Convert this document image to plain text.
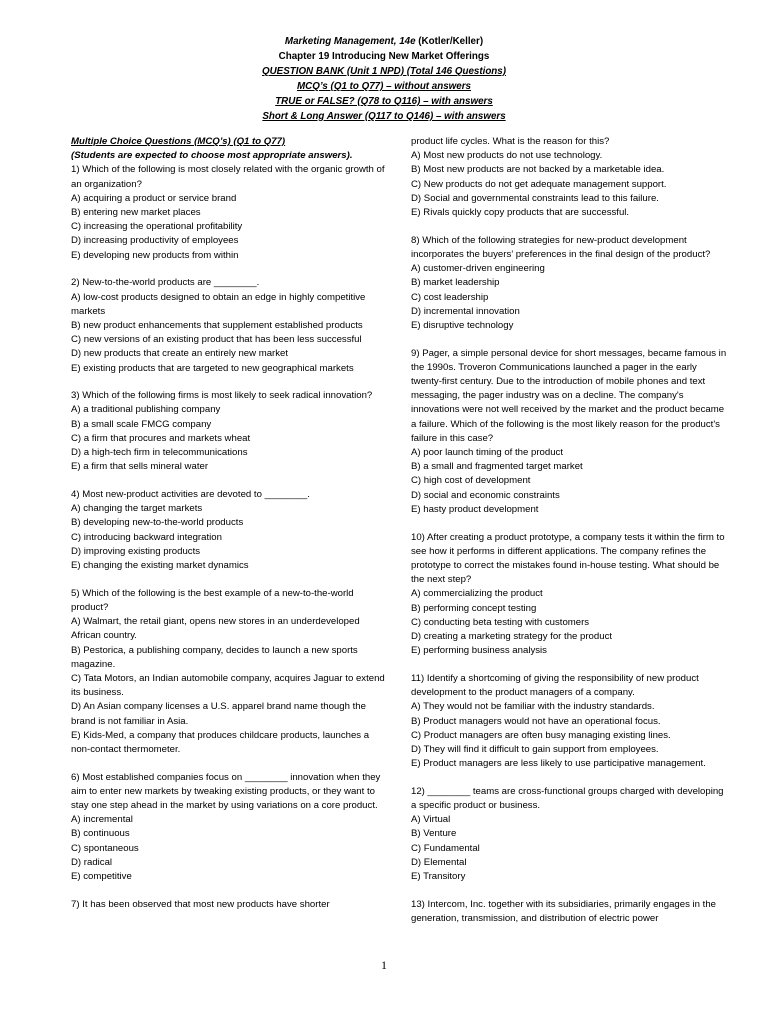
Marketing Management, 14e (Kotler/Keller)
Chapter 19 Introducing New Market Offerings
QUESTION BANK (Unit 1 NPD) (Total 146 Questions)
MCQ’s (Q1 to Q77) – without answers
TRUE or FALSE? (Q78 to Q116) – with answers
Short & Long Answer (Q117 to Q146) – with answers
Multiple Choice Questions (MCQ’s) (Q1 to Q77)
(Students are expected to choose most appropriate answers).
1) Which of the following is most closely related with the organic growth of an organization?
A) acquiring a product or service brand
B) entering new market places
C) increasing the operational profitability
D) increasing productivity of employees
E) developing new products from within
2) New-to-the-world products are ________.
A) low-cost products designed to obtain an edge in highly competitive markets
B) new product enhancements that supplement established products
C) new versions of an existing product that has been less successful
D) new products that create an entirely new market
E) existing products that are targeted to new geographical markets
3) Which of the following firms is most likely to seek radical innovation?
A) a traditional publishing company
B) a small scale FMCG company
C) a firm that procures and markets wheat
D) a high-tech firm in telecommunications
E) a firm that sells mineral water
4) Most new-product activities are devoted to ________.
A) changing the target markets
B) developing new-to-the-world products
C) introducing backward integration
D) improving existing products
E) changing the existing market dynamics
5) Which of the following is the best example of a new-to-the-world product?
A) Walmart, the retail giant, opens new stores in an underdeveloped African country.
B) Pestorica, a publishing company, decides to launch a new sports magazine.
C) Tata Motors, an Indian automobile company, acquires Jaguar to extend its business.
D) An Asian company licenses a U.S. apparel brand name though the brand is not familiar in Asia.
E) Kids-Med, a company that produces childcare products, launches a non-contact thermometer.
6) Most established companies focus on ________ innovation when they aim to enter new markets by tweaking existing products, or they want to stay one step ahead in the market by using variations on a core product.
A) incremental
B) continuous
C) spontaneous
D) radical
E) competitive
7) It has been observed that most new products have shorter
product life cycles. What is the reason for this?
A) Most new products do not use technology.
B) Most new products are not backed by a marketable idea.
C) New products do not get adequate management support.
D) Social and governmental constraints lead to this failure.
E) Rivals quickly copy products that are successful.
8) Which of the following strategies for new-product development incorporates the buyers’ preferences in the final design of the product?
A) customer-driven engineering
B) market leadership
C) cost leadership
D) incremental innovation
E) disruptive technology
9) Pager, a simple personal device for short messages, became famous in the 1990s. Troveron Communications launched a pager in the early twenty-first century. Due to the introduction of mobile phones and text messaging, the pager industry was on a decline. The company's innovations were not well received by the market and the product became a failure. Which of the following is the most likely reason for the product's failure in this case?
A) poor launch timing of the product
B) a small and fragmented target market
C) high cost of development
D) social and economic constraints
E) hasty product development
10) After creating a product prototype, a company tests it within the firm to see how it performs in different applications. The company refines the prototype to correct the mistakes found in-house testing. What should be the next step?
A) commercializing the product
B) performing concept testing
C) conducting beta testing with customers
D) creating a marketing strategy for the product
E) performing business analysis
11) Identify a shortcoming of giving the responsibility of new product development to the product managers of a company.
A) They would not be familiar with the industry standards.
B) Product managers would not have an operational focus.
C) Product managers are often busy managing existing lines.
D) They will find it difficult to gain support from employees.
E) Product managers are less likely to use participative management.
12) ________ teams are cross-functional groups charged with developing a specific product or business.
A) Virtual
B) Venture
C) Fundamental
D) Elemental
E) Transitory
13) Intercom, Inc. together with its subsidiaries, primarily engages in the generation, transmission, and distribution of electric power
1
